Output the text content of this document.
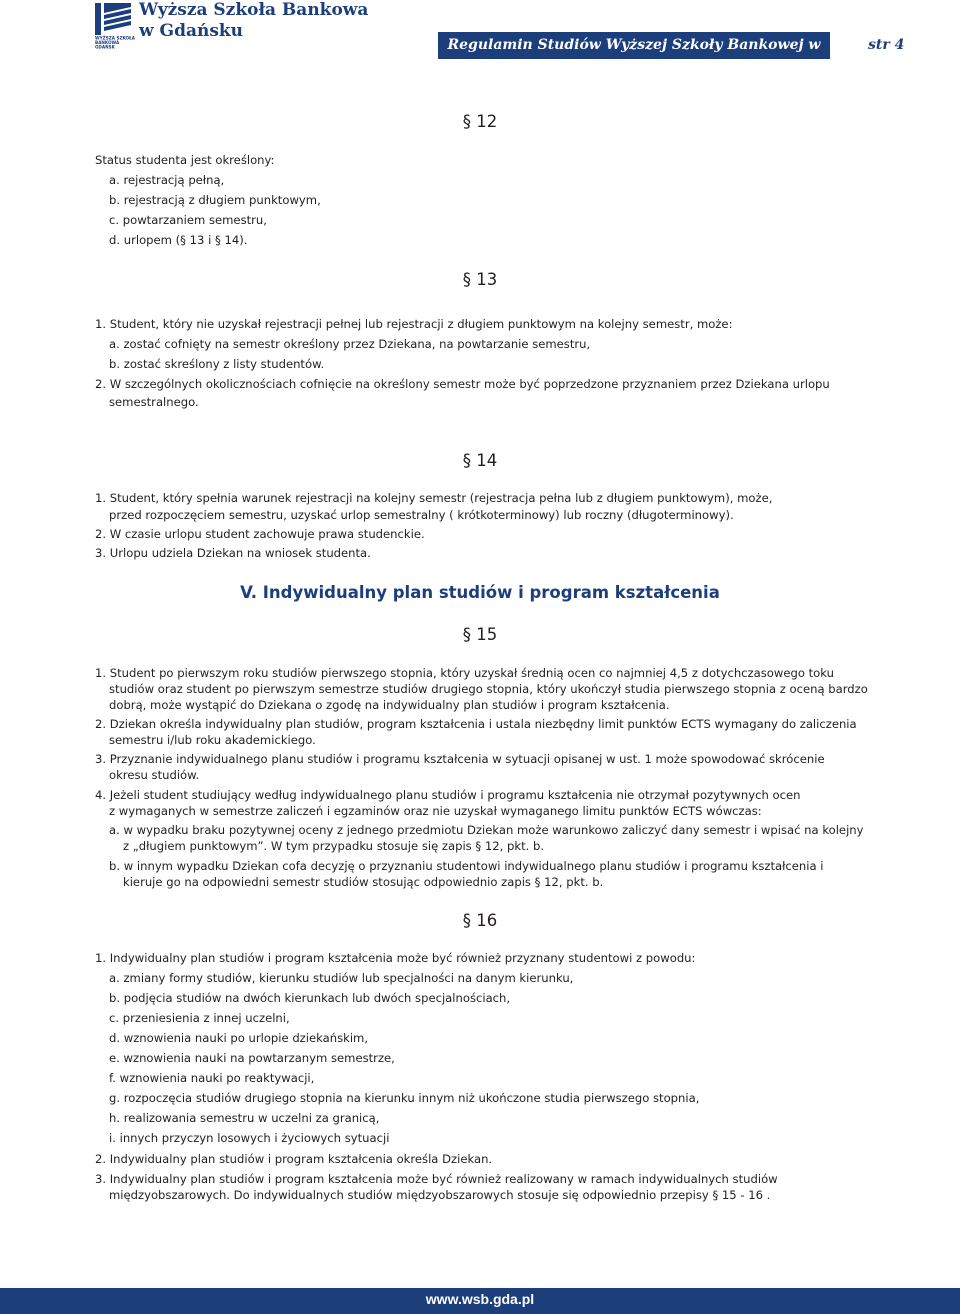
WYŻSZA SZKOŁA
BANKOWA
GDAŃSK
Wyższa Szkoła Bankowa
w Gdańsku
Regulamin Studiów Wyższej Szkoły Bankowej w Gdańsku
str 4
§ 12
Status studenta jest określony:
a. rejestracją pełną,
b. rejestracją z długiem punktowym,
c. powtarzaniem semestru,
d. urlopem (§ 13 i § 14).
§ 13
1. Student, który nie uzyskał rejestracji pełnej lub rejestracji z długiem punktowym na kolejny semestr, może:
a. zostać cofnięty na semestr określony przez Dziekana, na powtarzanie semestru,
b. zostać skreślony z listy studentów.
2. W szczególnych okolicznościach cofnięcie na określony semestr może być poprzedzone przyznaniem przez Dziekana urlopu
semestralnego.
§ 14
1. Student, który spełnia warunek rejestracji na kolejny semestr (rejestracja pełna lub z długiem punktowym), może,
przed rozpoczęciem semestru, uzyskać urlop semestralny ( krótkoterminowy) lub roczny (długoterminowy).
2. W czasie urlopu student zachowuje prawa studenckie.
3. Urlopu udziela Dziekan na wniosek studenta.
V. Indywidualny plan studiów i program kształcenia
§ 15
1. Student po pierwszym roku studiów pierwszego stopnia, który uzyskał średnią ocen co najmniej 4,5 z dotychczasowego toku
studiów oraz student po pierwszym semestrze studiów drugiego stopnia, który ukończył studia pierwszego stopnia z oceną bardzo
dobrą, może wystąpić do Dziekana o zgodę na indywidualny plan studiów i program kształcenia.
2. Dziekan określa indywidualny plan studiów, program kształcenia i ustala niezbędny limit punktów ECTS wymagany do zaliczenia
semestru i/lub roku akademickiego.
3. Przyznanie indywidualnego planu studiów i programu kształcenia w sytuacji opisanej w ust. 1 może spowodować skrócenie
okresu studiów.
4. Jeżeli student studiujący według indywidualnego planu studiów i programu kształcenia nie otrzymał pozytywnych ocen
z wymaganych w semestrze zaliczeń i egzaminów oraz nie uzyskał wymaganego limitu punktów ECTS wówczas:
a. w wypadku braku pozytywnej oceny z jednego przedmiotu Dziekan może warunkowo zaliczyć dany semestr i wpisać na kolejny
z „długiem punktowym”. W tym przypadku stosuje się zapis § 12, pkt. b.
b. w innym wypadku Dziekan cofa decyzję o przyznaniu studentowi indywidualnego planu studiów i programu kształcenia i
kieruje go na odpowiedni semestr studiów stosując odpowiednio zapis § 12, pkt. b.
§ 16
1. Indywidualny plan studiów i program kształcenia może być również przyznany studentowi z powodu:
a. zmiany formy studiów, kierunku studiów lub specjalności na danym kierunku,
b. podjęcia studiów na dwóch kierunkach lub dwóch specjalnościach,
c. przeniesienia z innej uczelni,
d. wznowienia nauki po urlopie dziekańskim,
e. wznowienia nauki na powtarzanym semestrze,
f. wznowienia nauki po reaktywacji,
g. rozpoczęcia studiów drugiego stopnia na kierunku innym niż ukończone studia pierwszego stopnia,
h. realizowania semestru w uczelni za granicą,
i. innych przyczyn losowych i życiowych sytuacji
2. Indywidualny plan studiów i program kształcenia określa Dziekan.
3. Indywidualny plan studiów i program kształcenia może być również realizowany w ramach indywidualnych studiów
międzyobszarowych. Do indywidualnych studiów międzyobszarowych stosuje się odpowiednio przepisy § 15 - 16 .
www.wsb.gda.pl
